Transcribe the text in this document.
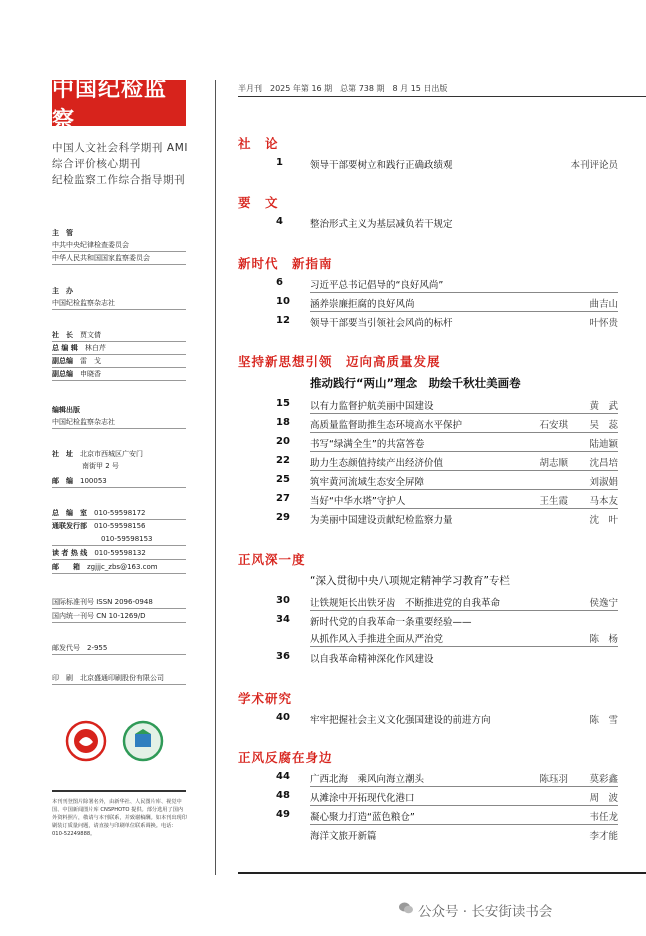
中国纪检监察
中国人文社会科学期刊 AMI
综合评价核心期刊
纪检监察工作综合指导期刊
主　管
中共中央纪律检查委员会
中华人民共和国国家监察委员会
主　办
中国纪检监察杂志社
社　长　 贾文倩
总 编 辑　 林白芹
副总编　 雷　戈
副总编　 申晓香
编辑出版
中国纪检监察杂志社
社　址　 北京市西城区广安门
南街甲 2 号
邮　编　 100053
总　编　室　 010-59598172
通联发行部　 010-59598156
010-59598153
读 者 热 线　 010-59598132
邮　　箱　 zgjjjc_zbs@163.com
国际标准刊号 ISSN 2096-0948
国内统一刊号 CN 10-1269/D
邮发代号　2-955
印　刷　北京盛通印刷股份有限公司
本刊刊登图片除署名外，由新华社、人民图片库、视觉中国、中国新闻图片库 CNSPHOTO 提供。部分选用了国内外资料照片，敬请与本刊联系，并致谢稿酬。如本刊出现印刷装订质量问题，请直接与印刷单位联系调换。电话：010-52249888。
半月刊　2025 年第 16 期　总第 738 期　8 月 15 日出版
社　论
1	领导干部要树立和践行正确政绩观	本刊评论员
要　文
4	整治形式主义为基层减负若干规定
新时代　新指南
6	习近平总书记倡导的“良好风尚”
10 涵养崇廉拒腐的良好风尚	曲吉山
12 领导干部要当引领社会风尚的标杆	叶怀贵
坚持新思想引领　迈向高质量发展
推动践行“两山”理念　助绘千秋壮美画卷
15 以有力监督护航美丽中国建设	黄　武
18 高质量监督助推生态环境高水平保护	石安琪 吴　蕊
20 书写“绿满全生”的共富答卷	陆迪颖
22 助力生态颜值持续产出经济价值	胡志顺 沈昌培
25 筑牢黄河流域生态安全屏障	刘淑娟
27 当好“中华水塔”守护人	王生霞 马本友
29 为美丽中国建设贡献纪检监察力量	沈　叶
正风深一度
“深入贯彻中央八项规定精神学习教育”专栏
30 让铁规矩长出铁牙齿　不断推进党的自我革命	侯逸宁
34 新时代党的自我革命一条重要经验——
从抓作风入手推进全面从严治党	陈　杨
36 以自我革命精神深化作风建设
学术研究
40 牢牢把握社会主义文化强国建设的前进方向	陈　雪
正风反腐在身边
44 广西北海　乘风向海立潮头	陈珏羽 莫彩鑫
48 从滩涂中开拓现代化港口	周　波
49 凝心聚力打造“蓝色粮仓”	韦任龙
海洋文旅开新篇	李才能
公众号 · 长安街读书会
